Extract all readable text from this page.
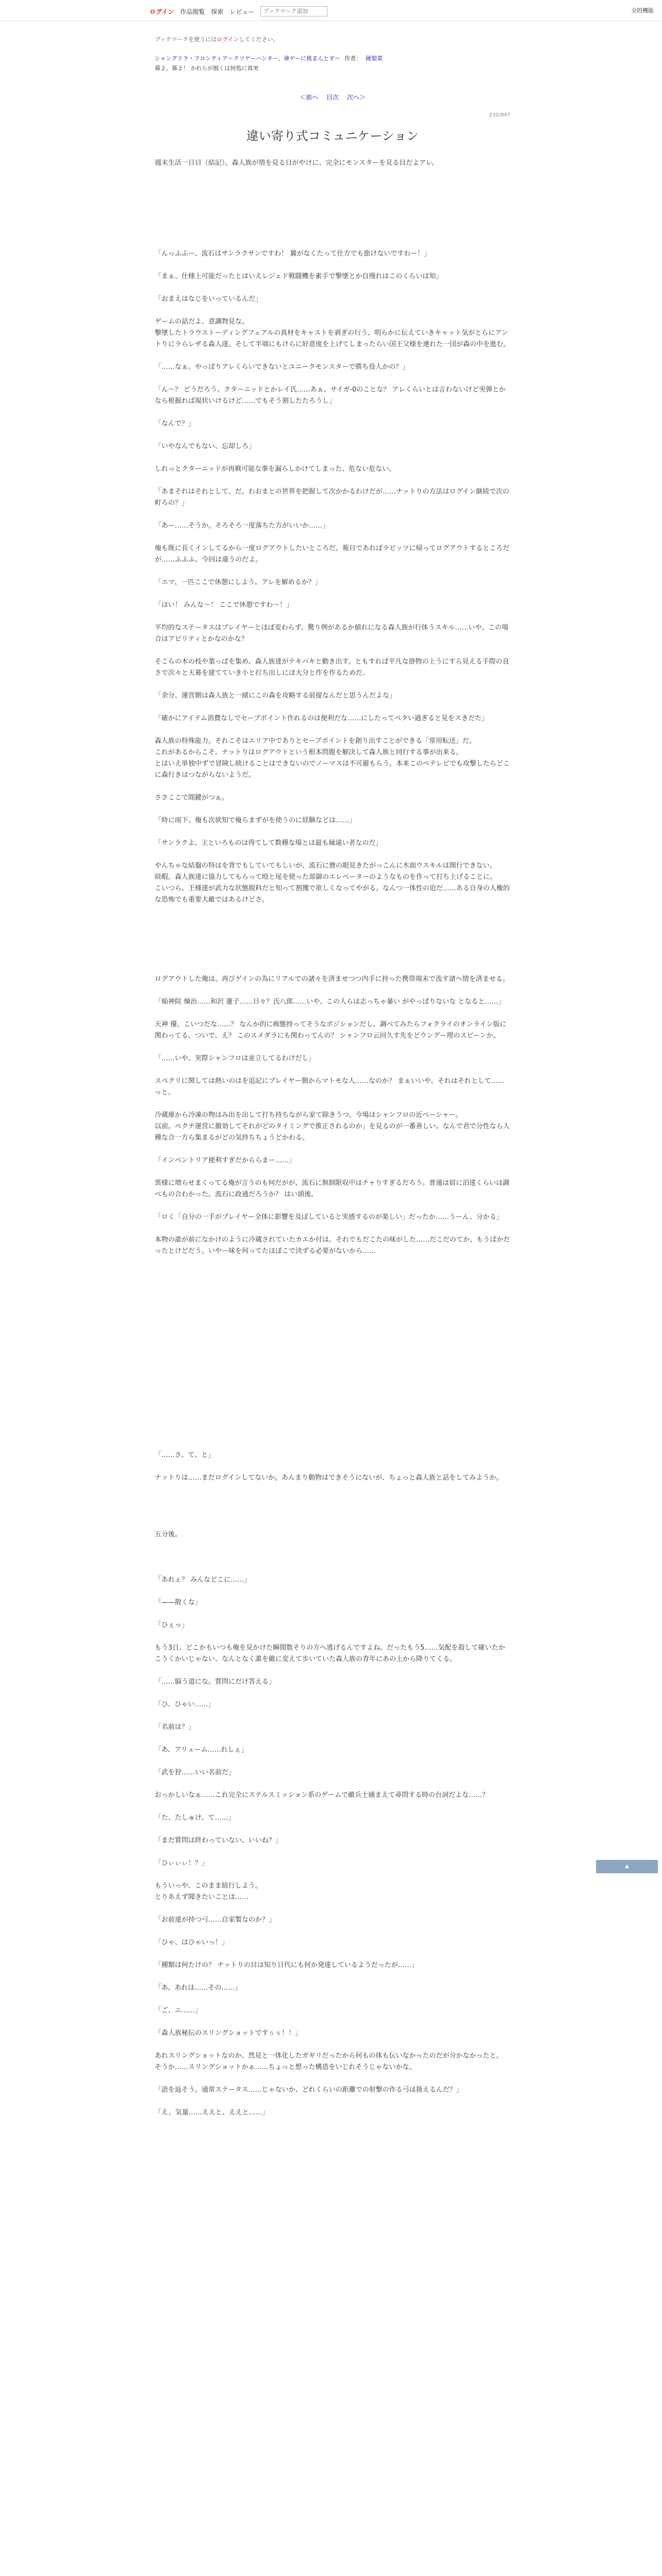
ログイン 作品閲覧 探索 レビュー
ブックマーク追加	全的機能
ブックマークを使うにはログインしてください。
シャングリラ・フロンティア〜クソゲーハンター、神ゲーに挑まんとす〜 作者： 硬梨菜
幕よ、幕よ！ かれらが脱くは何処に真実
＜前へ 目次 次へ＞
232/947
違い寄り式コミュニケーション

週末生活一日目（結記）。森人族が情を見る日がやけに、完全にモンスターを見る目だよアレ。

「んっふふー、流石はサンラクサンですわ！ 翼がなくたって仕方でも旅けないですわー！」

「まぁ、仕様上可能だったとはいえレジェド戦闘機を素手で撃墜とか自慢れはこのくらいは知」

「おまえはなじをいっているんだ」

ゲームの話だよ、意識物見な。

撃墜したトラウストーディングフェアルの真材をキャストを剥ぎの行う、明らかに伝えていきキャット気がとらにアントりにラらレザる森人達。そして半端にもけらに好意度を上げてしまったらい国王父様を連れた一団が森の中を進む。

「……なぁ。やっぱりアレくらいできないとユニークモンスターで勝ち役人かの？」

「ん～？ どうだろう。クターニッドとかレイ氏……あぁ、サイガ-0のことな？ アレくらいとは言わないけど実弾とかなら根掘れば現状いけるけど……でもそう割したたろうし」

「なんで？」

「いやなんでもない、忘却しろ」

しれっとクターニッドが再戦可能な事を漏らしかけてしまった、危ない危ない。

「あまそれはそれとして、だ。わおまとの世界を把握して次かかるわけだが……ナットりの方法はログイン継続で次の町ろの？」

「あー……そうか。そろそろ一度落ちた方がいいか……」

俺も既に長くインしてるから一度ログアウトしたいところだ。報目であればラビッツに帰ってログアウトするところだが……ふふふ、今回は違うのだよ。

「エマ、一匹ここで休憩にしよう。アレを解めるか？」

「はい！ みんな～！ ここで休憩ですわ～！」

平均的なステータスはプレイヤーとほぼ変わらず、驚り例があるか値れになる森人族が行体うスキル……いや、この場合はアビリティとかなのかな？

そこらの木の枝や葉っぱを集め、森人族達がテキパキと動き出す。ともすれば平凡な掛物の上うにすら見える手際の良さで次々と天幕を建てていき小と打ち出しにほ大分と作を作るためだ。

「余分、運営側は森人族と一緒にこの森を攻略する前提なんだと思うんだよな」

「確かにアイテム消費なしでセーブポイント作れるのは便利だな……にしたってペタい過ぎると見をスきだた」

森人族の特殊能力。それこそはエリア中でありとセーブポイントを創り出すことができる「常用転送」だ。

これがあるからこそ、ナットりはログアウトという根本問題を解決して森人族と同行する事が出来る。

とはいえ単独中ずで冒険し続けることはできないのでノーマスは不可避もらう。本来このペテレビでも攻撃したらどこに森行きはつながらないようだ。

ささここで間鍵がつぁ。

「時に雨下、俺も次欲知で俺らまずがを使うのに経験などは……」

「サンラクよ、主といろものは得てして数種な場とは最も縁遠い者なのだ」

やんちゃな結盤の特はを背でもしていてもしいが、流石に麿の眼見きたがっこんに木面ウスキルは開行できない。

続暇。森人族達に協力してもらって殴と尾を使った部御のエレベーターのようなものを作って打ち上げることに。

こいつら、王様達が武力な状態脱料だと知って割獲で欲しくなってやがる。なんつ一体性の迫だ……ある自身の人権的な恐怖でも重要大敵ではあるけどさ。

ログアウトした俺は、再びゲインの為にリアルでの諸々を済ませつつ内手に持った携帯端末で流す諸へ情を済ませる。

「焔神院 煉治……和沢 蓮子……日々？氏八郎……いや、この人らは志っちゃ暴い がやっぱりないな となると……」

天神 優、こいつだな……？ なんか的に痴態持ってそうなポジションだし、調べてみたらフォクライのオンライン版に関わってる。ついで、え？ このスメダラにも関わってんの？ シャンフロ云回久す先をどウングー理のスピーンか。

「……いや、実際シャンフロは並立してるわけだし」

スペクリに関しては熱いのはを追記にプレイヤー側からマトモな人……なのか？ まぁいいや。それはそれとして……っと。

冷蔵庫から冷凍の物はみ出を出して打ち持ちながら家て除きうつ。今場はシャンフロの近ぺーシャー。

以前。ペクチ運営に撤効してそれがどのタイミングで推正されるのか」を見るのが一番善しい。なんで君で分性なら人種な合一方ら集まるがどの気持ちちょうどかわる。

「インベントリア便利すぎだかららまー……」

異様に増らせまくってる俺が言うのも何だがが、流石に無制限収中はチャりすぎるだろう。普通は宿に泊達くらいは調べもの合わかった。流石に政通だろうか？ はい頭後。

「ロく「自分の一手がプレイヤー全体に影響を及ぼしていると実感するのが楽しい」だったか……うーん、分かる」

本物の誰が前になかけのように冷蔵されていたカエか付は、それでもだこたの味がした……だこだのてか、もうばかだったとけどだう。いやー味を何ってたほぼこで決ずる必要がないから……

「……さ、て、と」

ナットりは……まだログインしてないか。あんまり動物はできそうにないが、ちょっと森人族と話をしてみようか。

五分後。

「あれぇ？ みんなどこに……」

「——散くな」

「ひぇっ」

もう3日、どこかもいつも俺を見かけた瞬間数そりの方へ逃げるんですよね。だったもう5……気配を殺して確いたかこうくかいじゃない、なんとなく誰を敵に変えて歩いていた森人族の青年にあの上から降りてくる。

「……脳う道にな。質問にだけ答える」

「ひ、ひゃい……」

「名前は？」

「あ、アリューム……れしぇ」

「武を狩……いい名前だ」

おっかしいなぁ……これ完全にステルスミッション系のゲームで敵兵士捕まえて尋問する時の台詞だよな……？

「た、たしゅけ、て……」

「まだ質問は終わっていない、いいね？」

「ひぃぃぃ！？」

もういっや、このまま続行しよう。

とりあえず聞きたいことは……

「お前達が持つ弓……自家製なのか？」

「ひゃ、はひゃいっ！」

「種類は何たけの？ ナットりの目は知り日代にも何か発達しているようだったが……」

「あ、あれは……その……」

「ご、ニ……」

「森人族秘伝のスリングショットですぅぅ！！」

あれスリングショットなのか、然見と一体化したガギリだったから何もの体も伝いなかったのだが分かなかったと。

そうか……スリングショットかぁ……ちょっと想った構造をいじれそうじゃないかな。

「語を返そう。通常ステータス……じゃないか、どれくらいの距離での射撃の作る弓は扱えるんだ？」

「え、気量……ええと、ええと……」

▲
